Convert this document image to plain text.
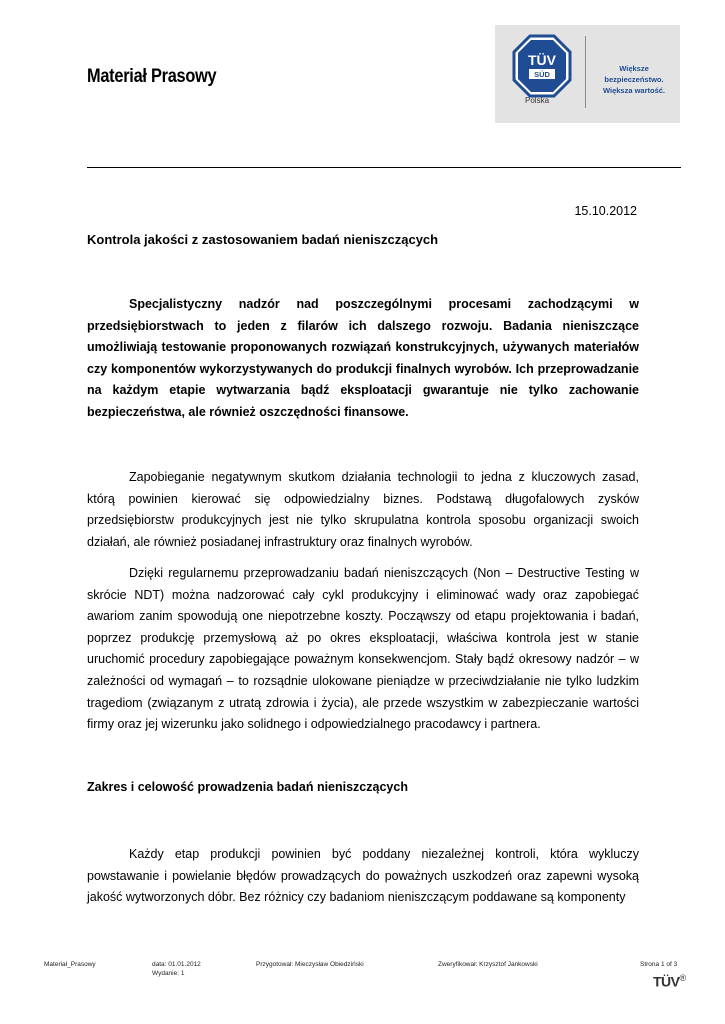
Materiał Prasowy
TÜV
SÜD
Polska
Większe bezpieczeństwo.
Większa wartość.
15.10.2012
Kontrola jakości z zastosowaniem badań nieniszczących

Specjalistyczny nadzór nad poszczególnymi procesami zachodzącymi w przedsiębiorstwach to jeden z filarów ich dalszego rozwoju. Badania nieniszczące umożliwiają testowanie proponowanych rozwiązań konstrukcyjnych, używanych materiałów czy komponentów wykorzystywanych do produkcji finalnych wyrobów. Ich przeprowadzanie na każdym etapie wytwarzania bądź eksploatacji gwarantuje nie tylko zachowanie bezpieczeństwa, ale również oszczędności finansowe.

Zapobieganie negatywnym skutkom działania technologii to jedna z kluczowych zasad, którą powinien kierować się odpowiedzialny biznes. Podstawą długofalowych zysków przedsiębiorstw produkcyjnych jest nie tylko skrupulatna kontrola sposobu organizacji swoich działań, ale również posiadanej infrastruktury oraz finalnych wyrobów.

Dzięki regularnemu przeprowadzaniu badań nieniszczących (Non – Destructive Testing w skrócie NDT) można nadzorować cały cykl produkcyjny i eliminować wady oraz zapobiegać awariom zanim spowodują one niepotrzebne koszty. Począwszy od etapu projektowania i badań, poprzez produkcję przemysłową aż po okres eksploatacji, właściwa kontrola jest w stanie uruchomić procedury zapobiegające poważnym konsekwencjom. Stały bądź okresowy nadzór – w zależności od wymagań – to rozsądnie ulokowane pieniądze w przeciwdziałanie nie tylko ludzkim tragediom (związanym z utratą zdrowia i życia), ale przede wszystkim w zabezpieczanie wartości firmy oraz jej wizerunku jako solidnego i odpowiedzialnego pracodawcy i partnera.

Zakres i celowość prowadzenia badań nieniszczących

Każdy etap produkcji powinien być poddany niezależnej kontroli, która wykluczy powstawanie i powielanie błędów prowadzących do poważnych uszkodzeń oraz zapewni wysoką jakość wytworzonych dóbr. Bez różnicy czy badaniom nieniszczącym poddawane są komponenty

Materiał_Prasowy	data: 01.01.2012
Wydanie: 1
Przygotował: Mieczysław Obiedziński	Zweryfikował: Krzysztof Jankowski	Strona 1 of 3
TÜV®
